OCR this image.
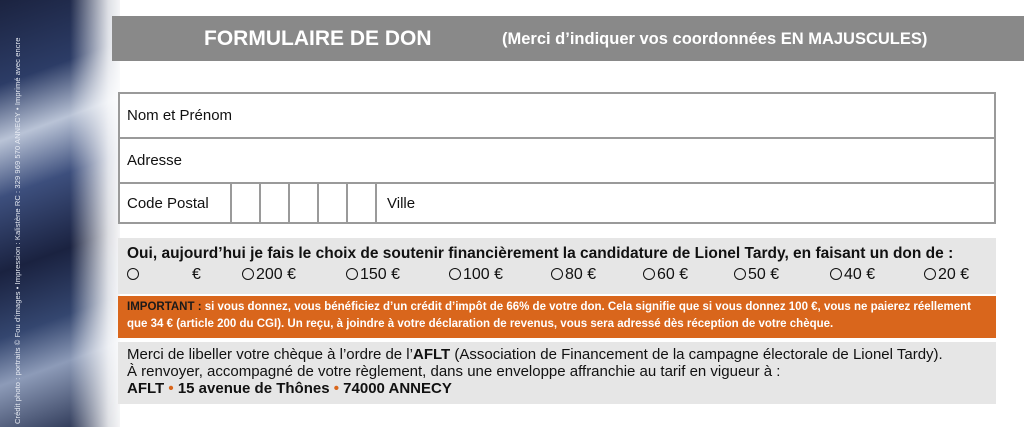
Crédit photo : portraits © Fou d'images • Impression : Kalistène RC : 329 969 570 ANNECY • Imprimé avec encre	FORMULAIRE DE DON	(Merci d’indiquer vos coordonnées EN MAJUSCULES)
Nom et Prénom
Adresse
Code Postal	Ville
Oui, aujourd’hui je fais le choix de soutenir financièrement la candidature de Lionel Tardy, en faisant un don de :
€	200 €	150 €	100 €	80 €	60 €	50 €	40 €	20 €
IMPORTANT : si vous donnez, vous bénéficiez d’un crédit d’impôt de 66% de votre don. Cela signifie que si vous donnez 100 €, vous ne paierez réellement que 34 € (article 200 du CGI). Un reçu, à joindre à votre déclaration de revenus, vous sera adressé dès réception de votre chèque.
Merci de libeller votre chèque à l’ordre de l’AFLT (Association de Financement de la campagne électorale de Lionel Tardy).
À renvoyer, accompagné de votre règlement, dans une enveloppe affranchie au tarif en vigueur à :
AFLT • 15 avenue de Thônes • 74000 ANNECY
